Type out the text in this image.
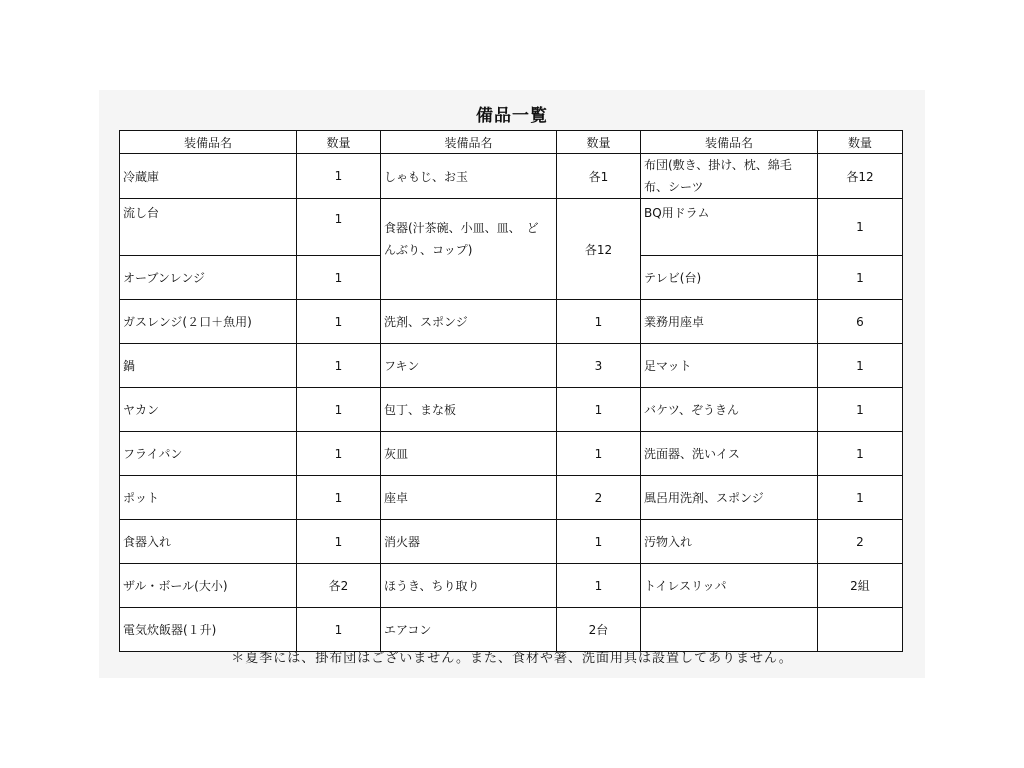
備品一覧
装備品名	数量	装備品名	数量	装備品名	数量
冷蔵庫	1	しゃもじ、お玉	各1	布団(敷き、掛け、枕、綿毛布、シーツ	各12
流し台	1	食器(汁茶碗、小皿、皿、　どんぶり、コップ)	各12	BQ用ドラム	1
オーブンレンジ	1			テレビ(台)	1
ガスレンジ(２口＋魚用)	1	洗剤、スポンジ	1	業務用座卓	6
鍋	1	フキン	3	足マット	1
ヤカン	1	包丁、まな板	1	バケツ、ぞうきん	1
フライパン	1	灰皿	1	洗面器、洗いイス	1
ポット	1	座卓	2	風呂用洗剤、スポンジ	1
食器入れ	1	消火器	1	汚物入れ	2
ザル・ボール(大小)	各2	ほうき、ちり取り	1	トイレスリッパ	2組
電気炊飯器(１升)	1	エアコン	2台		
＊夏季には、掛布団はございません。また、食材や箸、洗面用具は設置してありません。
